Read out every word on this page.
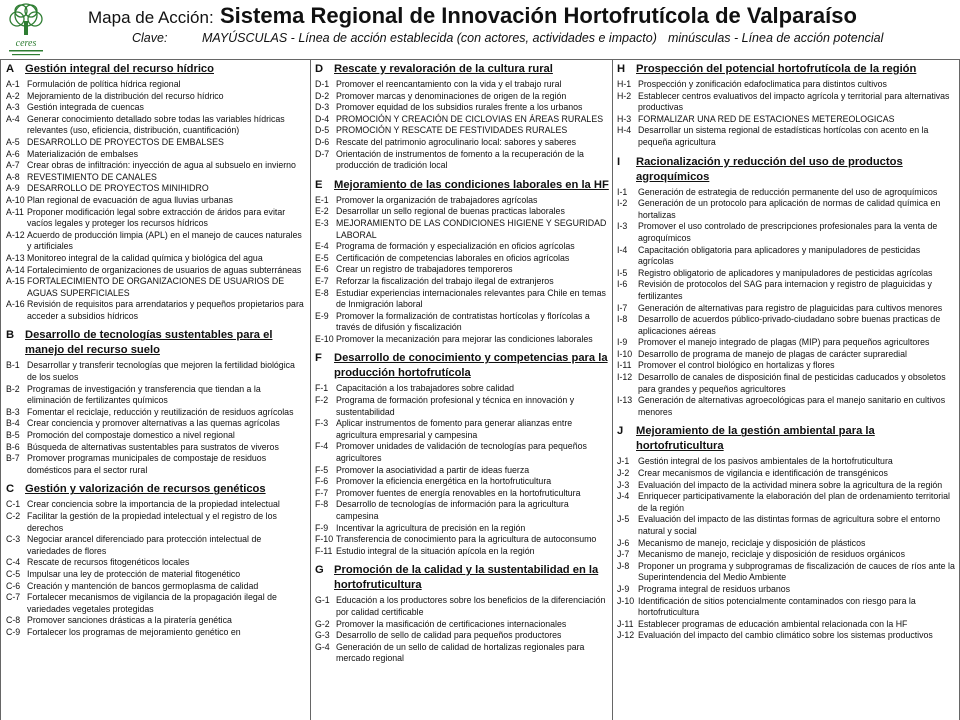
ceres
Mapa de Acción: Sistema Regional de Innovación Hortofrutícola de Valparaíso
Clave:	MAYÚSCULAS - Línea de acción establecida (con actores, actividades e impacto) minúsculas - Línea de acción potencial
A Gestión integral del recurso hídrico
A-1 Formulación de política hídrica regional
A-2 Mejoramiento de la distribución del recurso hídrico
A-3 Gestión integrada de cuencas
A-4 Generar conocimiento detallado sobre todas las variables hídricas relevantes (uso, eficiencia, distribución, cuantificación)
A-5 DESARROLLO DE PROYECTOS DE EMBALSES
A-6 Materialización de embalses
A-7 Crear obras de infiltración: inyección de agua al subsuelo en invierno
A-8 REVESTIMIENTO DE CANALES
A-9 DESARROLLO DE PROYECTOS MINIHIDRO
A-10 Plan regional de evacuación de agua lluvias urbanas
A-11 Proponer modificación legal sobre extracción de áridos para evitar vacíos legales y proteger los recursos hídricos
A-12 Acuerdo de producción limpia (APL) en el manejo de cauces naturales y artificiales
A-13 Monitoreo integral de la calidad química y biológica del agua
A-14 Fortalecimiento de organizaciones de usuarios de aguas subterráneas
A-15 FORTALECIMIENTO DE ORGANIZACIONES DE USUARIOS DE AGUAS SUPERFICIALES
A-16 Revisión de requisitos para arrendatarios y pequeños propietarios para acceder a subsidios hídricos
B Desarrollo de tecnologías sustentables para el manejo del recurso suelo
B-1 Desarrollar y transferir tecnologías que mejoren la fertilidad biológica de los suelos
B-2 Programas de investigación y transferencia que tiendan a la eliminación de fertilizantes químicos
B-3 Fomentar el reciclaje, reducción y reutilización de residuos agrícolas
B-4 Crear conciencia y promover alternativas a las quemas agrícolas
B-5 Promoción del compostaje domestico a nivel regional
B-6 Búsqueda de alternativas sustentables para sustratos de viveros
B-7 Promover programas municipales de compostaje de residuos domésticos para el sector rural
C Gestión y valorización de recursos genéticos
C-1 Crear conciencia sobre la importancia de la propiedad intelectual
C-2 Facilitar la gestión de la propiedad intelectual y el registro de los derechos
C-3 Negociar arancel diferenciado para protección intelectual de variedades de flores
C-4 Rescate de recursos fitogenéticos locales
C-5 Impulsar una ley de protección de material fitogenético
C-6 Creación y mantención de bancos germoplasma de calidad
C-7 Fortalecer mecanismos de vigilancia de la propagación ilegal de variedades vegetales protegidas
C-8 Promover sanciones drásticas a la piratería genética
C-9 Fortalecer los programas de mejoramiento genético en
D Rescate y revaloración de la cultura rural
D-1 Promover el reencantamiento con la vida y el trabajo rural
D-2 Promover marcas y denominaciones de origen de la región
D-3 Promover equidad de los subsidios rurales frente a los urbanos
D-4 PROMOCIÓN Y CREACIÓN DE CICLOVIAS EN ÁREAS RURALES
D-5 PROMOCIÓN Y RESCATE DE FESTIVIDADES RURALES
D-6 Rescate del patrimonio agroculinario local: sabores y saberes
D-7 Orientación de instrumentos de fomento a la recuperación de la producción de tradición local
E	Mejoramiento de las condiciones laborales en la HF
E-1 Promover la organización de trabajadores agrícolas
E-2 Desarrollar un sello regional de buenas practicas laborales
E-3 MEJORAMIENTO DE LAS CONDICIONES HIGIENE Y SEGURIDAD LABORAL
E-4 Programa de formación y especialización en oficios agrícolas
E-5 Certificación de competencias laborales en oficios agrícolas
E-6 Crear un registro de trabajadores temporeros
E-7 Reforzar la fiscalización del trabajo ilegal de extranjeros
E-8 Estudiar experiencias internacionales relevantes para Chile en temas de Inmigración laboral
E-9 Promover la formalización de contratistas hortícolas y florícolas a través de difusión y fiscalización
E-10 Promover la mecanización para mejorar las condiciones laborales
F	Desarrollo de conocimiento y competencias para la producción hortofrutícola
F-1 Capacitación a los trabajadores sobre calidad
F-2 Programa de formación profesional y técnica en innovación y sustentabilidad
F-3 Aplicar instrumentos de fomento para generar alianzas entre agricultura empresarial y campesina
F-4 Promover unidades de validación de tecnologías para pequeños agricultores
F-5 Promover la asociatividad a partir de ideas fuerza
F-6 Promover la eficiencia energética en la hortofruticultura
F-7 Promover fuentes de energía renovables en la hortofruticultura
F-8 Desarrollo de tecnologías de información para la agricultura campesina
F-9 Incentivar la agricultura de precisión en la región
F-10 Transferencia de conocimiento para la agricultura de autoconsumo
F-11 Estudio integral de la situación apícola en la región
G Promoción de la calidad y la sustentabilidad en la hortofruticultura
G-1 Educación a los productores sobre los beneficios de la diferenciación por calidad certificable
G-2 Promover la masificación de certificaciones internacionales
G-3 Desarrollo de sello de calidad para pequeños productores
G-4 Generación de un sello de calidad de hortalizas regionales para mercado regional
H Prospección del potencial hortofrutícola de la región
H-1 Prospección y zonificación edafoclimatica para distintos cultivos
H-2 Establecer centros evaluativos del impacto agrícola y territorial para alternativas productivas
H-3 FORMALIZAR UNA RED DE ESTACIONES METEREOLOGICAS
H-4 Desarrollar un sistema regional de estadísticas hortícolas con acento en la pequeña agricultura
I	Racionalización y reducción del uso de productos agroquímicos
I-1	Generación de estrategia de reducción permanente del uso de agroquímicos
I-2	Generación de un protocolo para aplicación de normas de calidad química en hortalizas
I-3	Promover el uso controlado de prescripciones profesionales para la venta de agroquímicos
I-4	Capacitación obligatoria para aplicadores y manipuladores de pesticidas agrícolas
I-5	Registro obligatorio de aplicadores y manipuladores de pesticidas agrícolas
I-6	Revisión de protocolos del SAG para internacion y registro de plaguicidas y fertilizantes
I-7	Generación de alternativas para registro de plaguicidas para cultivos menores
I-8	Desarrollo de acuerdos público-privado-ciudadano sobre buenas practicas de aplicaciones aéreas
I-9	Promover el manejo integrado de plagas (MIP) para pequeños agricultores
I-10 Desarrollo de programa de manejo de plagas de carácter supraredial
I-11 Promover el control biológico en hortalizas y flores
I-12 Desarrollo de canales de disposición final de pesticidas caducados y obsoletos para grandes y pequeños agricultores
I-13 Generación de alternativas agroecológicas para el manejo sanitario en cultivos menores
J	Mejoramiento de la gestión ambiental para la hortofruticultura
J-1 Gestión integral de los pasivos ambientales de la hortofruticultura
J-2 Crear mecanismos de vigilancia e identificación de transgénicos
J-3 Evaluación del impacto de la actividad minera sobre la agricultura de la región
J-4 Enriquecer participativamente la elaboración del plan de ordenamiento territorial de la región
J-5 Evaluación del impacto de las distintas formas de agricultura sobre el entorno natural y social
J-6 Mecanismo de manejo, reciclaje y disposición de plásticos
J-7 Mecanismo de manejo, reciclaje y disposición de residuos orgánicos
J-8 Proponer un programa y subprogramas de fiscalización de cauces de ríos ante la Superintendencia del Medio Ambiente
J-9 Programa integral de residuos urbanos
J-10 Identificación de sitios potencialmente contaminados con riesgo para la hortofruticultura
J-11 Establecer programas de educación ambiental relacionada con la HF
J-12 Evaluación del impacto del cambio climático sobre los sistemas productivos
